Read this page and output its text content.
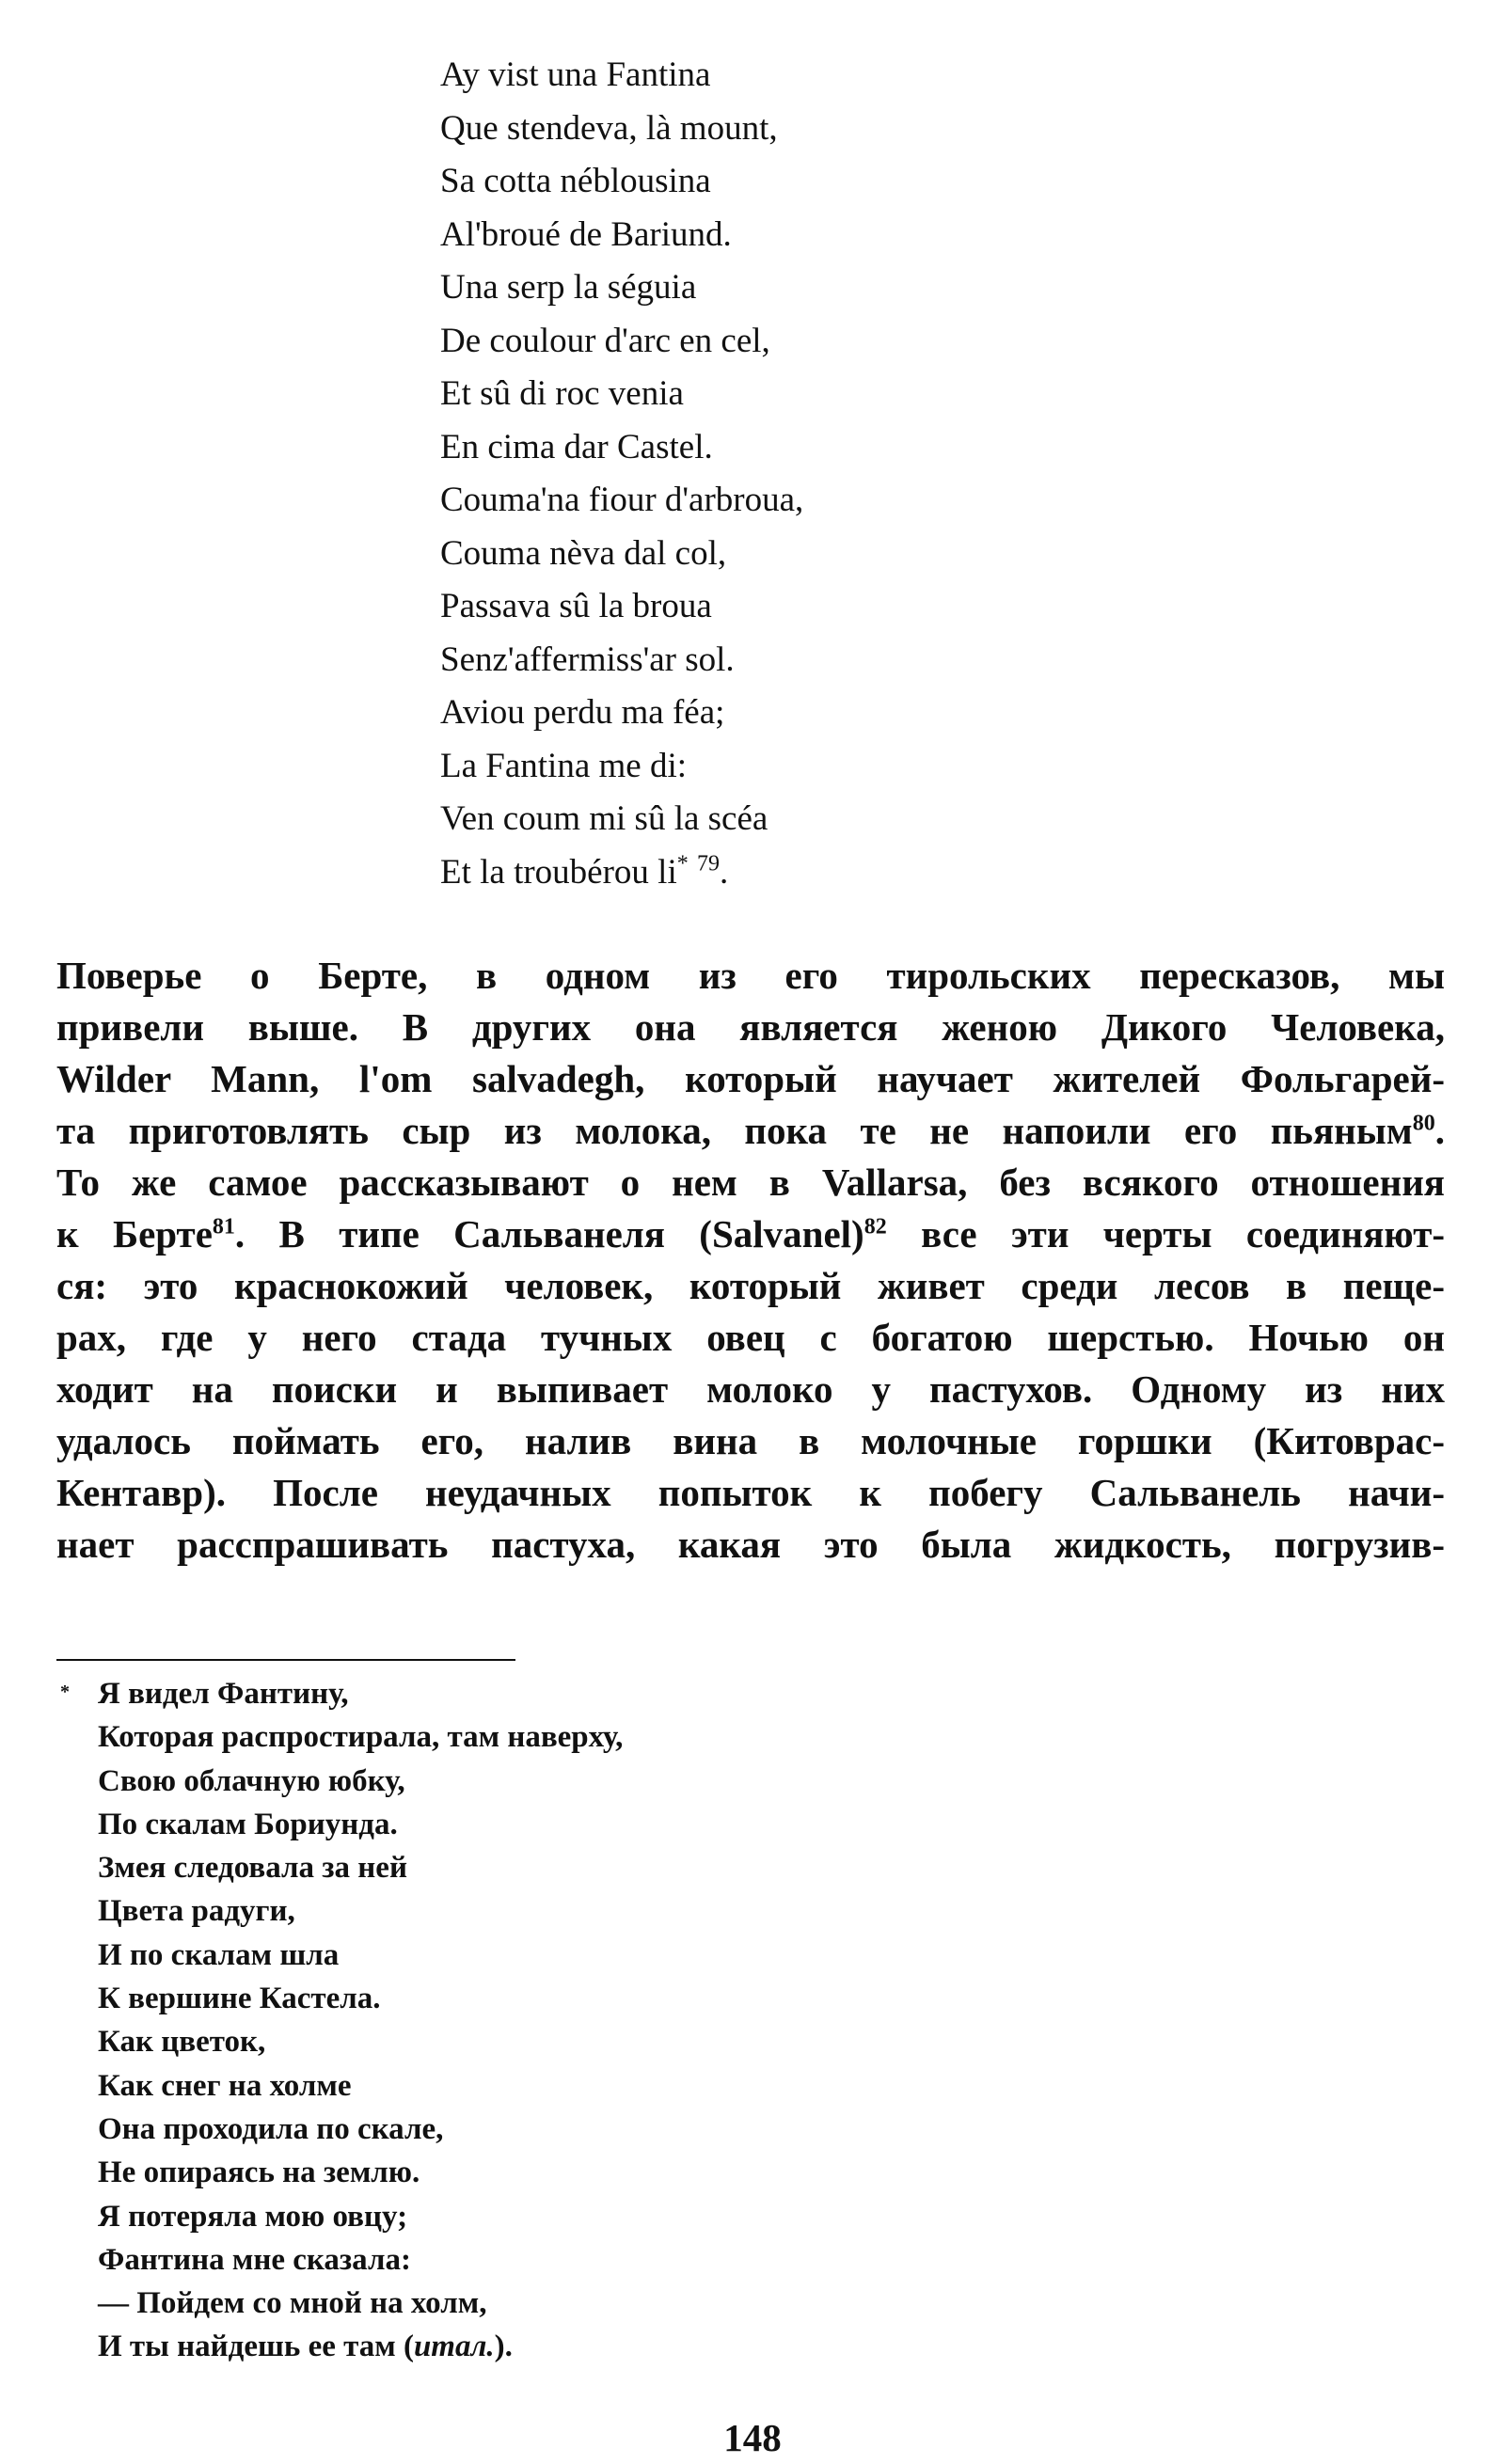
Ay vist una Fantina
Que stendeva, là mount,
Sa cotta néblousina
Al'broué de Bariund.
Una serp la séguia
De coulour d'arc en cel,
Et sû di roc venia
En cima dar Castel.
Couma'na fiour d'arbroua,
Couma nèva dal col,
Passava sû la broua
Senz'affermiss'ar sol.
Aviou perdu ma féa;
La Fantina me di:
Ven coum mi sû la scéa
Et la troubérou li* $^{79}$.
Поверье о Берте, в одном из его тирольских пересказов, мы
привели выше. В других она является женою Дикого Человека,
Wilder Mann, l'om salvadegh, который научает жителей Фольгарей-
та приготовлять сыр из молока, пока те не напоили его пьяным$^{80}$.
То же самое рассказывают о нем в Vallarsa, без всякого отношения
к Берте$^{81}$. В типе Сальванеля (Salvanel)$^{82}$ все эти черты соединяют-
ся: это краснокожий человек, который живет среди лесов в пеще-
рах, где у него стада тучных овец с богатою шерстью. Ночью он
ходит на поиски и выпивает молоко у пастухов. Одному из них
удалось поймать его, налив вина в молочные горшки (Китоврас-
Кентавр). После неудачных попыток к побегу Сальванель начи-
нает расспрашивать пастуха, какая это была жидкость, погрузив-
* Я видел Фантину,
Которая распростирала, там наверху,
Свою облачную юбку,
По скалам Бориунда.
Змея следовала за ней
Цвета радуги,
И по скалам шла
К вершине Кастела.
Как цветок,
Как снег на холме
Она проходила по скале,
Не опираясь на землю.
Я потеряла мою овцу;
Фантина мне сказала:
— Пойдем со мной на холм,
И ты найдешь ее там (итал.).
148
